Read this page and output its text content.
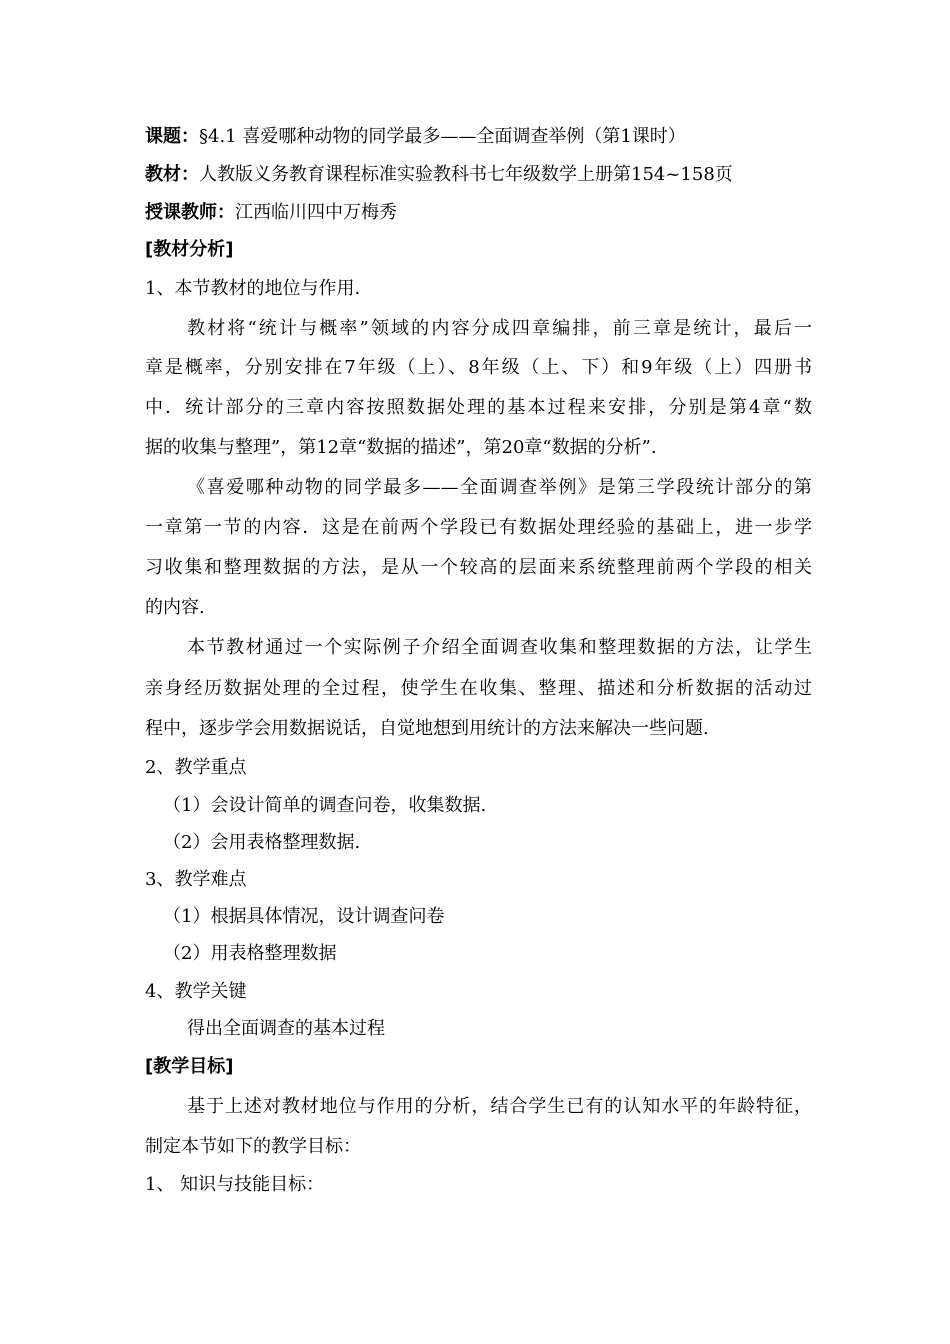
课题：§4.1 喜爱哪种动物的同学最多——全面调查举例（第1课时）
教材：人教版义务教育课程标准实验教科书七年级数学上册第154~158页
授课教师：江西临川四中万梅秀
[教材分析]
1、本节教材的地位与作用.
教材将“统计与概率”领域的内容分成四章编排，前三章是统计，最后一
章是概率，分别安排在7年级（上）、8年级（上、下）和9年级（上）四册书
中．统计部分的三章内容按照数据处理的基本过程来安排，分别是第4章“数
据的收集与整理”，第12章“数据的描述”，第20章“数据的分析”.
《喜爱哪种动物的同学最多——全面调查举例》是第三学段统计部分的第
一章第一节的内容．这是在前两个学段已有数据处理经验的基础上，进一步学
习收集和整理数据的方法，是从一个较高的层面来系统整理前两个学段的相关
的内容.
本节教材通过一个实际例子介绍全面调查收集和整理数据的方法，让学生
亲身经历数据处理的全过程，使学生在收集、整理、描述和分析数据的活动过
程中，逐步学会用数据说话，自觉地想到用统计的方法来解决一些问题.
2、教学重点
（1）会设计简单的调查问卷，收集数据.
（2）会用表格整理数据.
3、教学难点
（1）根据具体情况，设计调查问卷
（2）用表格整理数据
4、教学关键
得出全面调查的基本过程
[教学目标]
基于上述对教材地位与作用的分析，结合学生已有的认知水平的年龄特征，
制定本节如下的教学目标：
1、 知识与技能目标：
